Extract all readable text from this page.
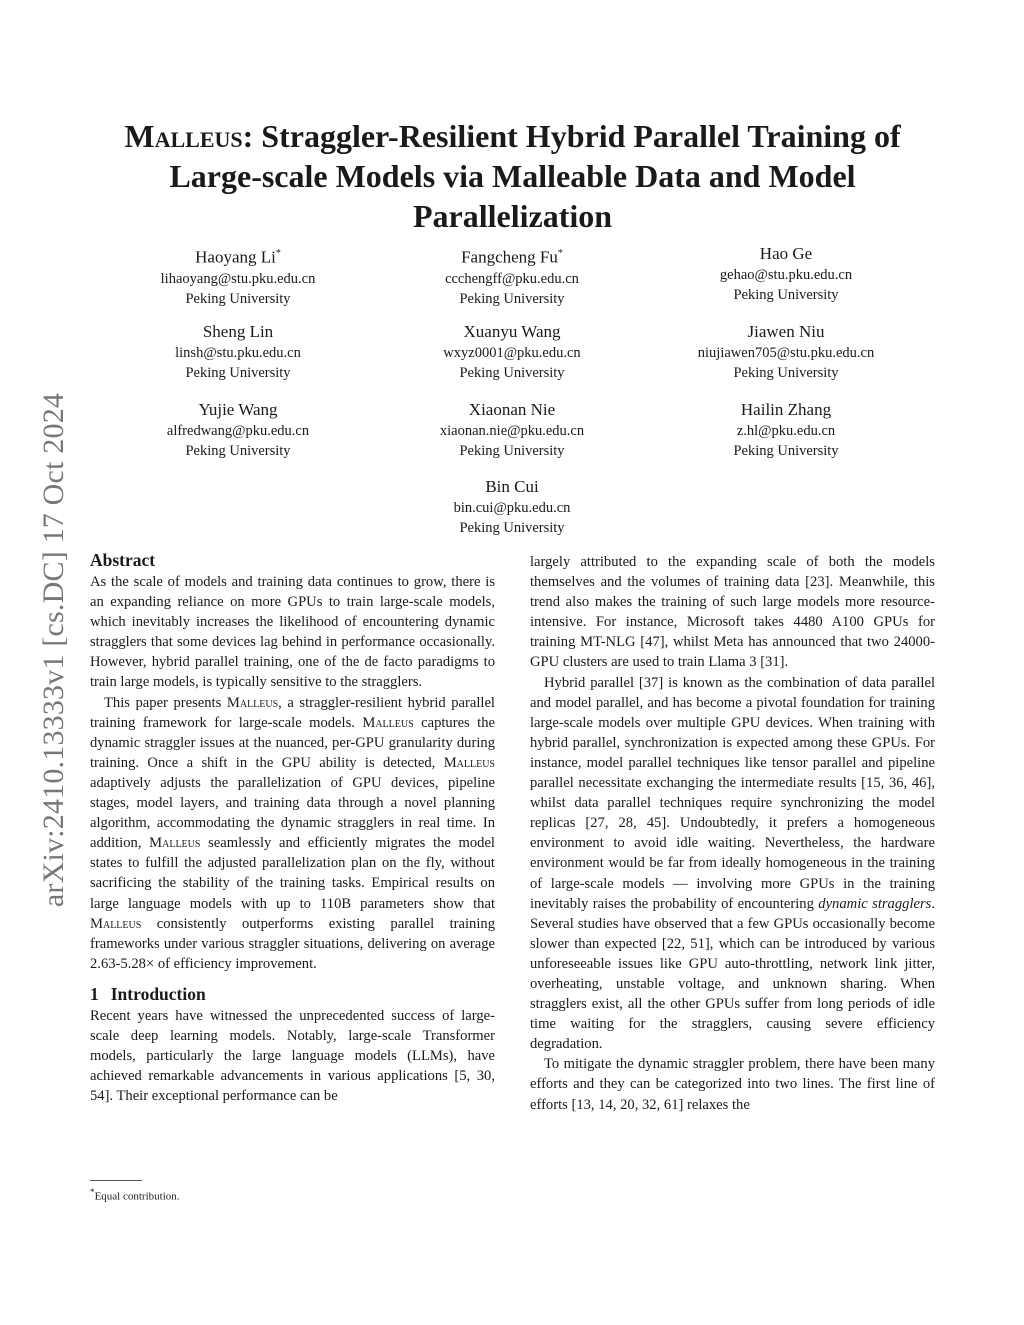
arXiv:2410.13333v1 [cs.DC] 17 Oct 2024
Malleus: Straggler-Resilient Hybrid Parallel Training of Large-scale Models via Malleable Data and Model Parallelization
Haoyang Li*
lihaoyang@stu.pku.edu.cn
Peking University
Fangcheng Fu*
ccchengff@pku.edu.cn
Peking University
Hao Ge
gehao@stu.pku.edu.cn
Peking University
Sheng Lin
linsh@stu.pku.edu.cn
Peking University
Xuanyu Wang
wxyz0001@pku.edu.cn
Peking University
Jiawen Niu
niujiawen705@stu.pku.edu.cn
Peking University
Yujie Wang
alfredwang@pku.edu.cn
Peking University
Xiaonan Nie
xiaonan.nie@pku.edu.cn
Peking University
Hailin Zhang
z.hl@pku.edu.cn
Peking University
Bin Cui
bin.cui@pku.edu.cn
Peking University
Abstract

As the scale of models and training data continues to grow, there is an expanding reliance on more GPUs to train large-scale models, which inevitably increases the likelihood of encountering dynamic stragglers that some devices lag behind in performance occasionally. However, hybrid parallel training, one of the de facto paradigms to train large models, is typically sensitive to the stragglers.

This paper presents Malleus, a straggler-resilient hybrid parallel training framework for large-scale models. Malleus captures the dynamic straggler issues at the nuanced, per-GPU granularity during training. Once a shift in the GPU ability is detected, Malleus adaptively adjusts the parallelization of GPU devices, pipeline stages, model layers, and training data through a novel planning algorithm, accommodating the dynamic stragglers in real time. In addition, Malleus seamlessly and efficiently migrates the model states to fulfill the adjusted parallelization plan on the fly, without sacrificing the stability of the training tasks. Empirical results on large language models with up to 110B parameters show that Malleus consistently outperforms existing parallel training frameworks under various straggler situations, delivering on average 2.63-5.28× of efficiency improvement.

1 Introduction

Recent years have witnessed the unprecedented success of large-scale deep learning models. Notably, large-scale Transformer models, particularly the large language models (LLMs), have achieved remarkable advancements in various applications [5, 30, 54]. Their exceptional performance can be

largely attributed to the expanding scale of both the models themselves and the volumes of training data [23]. Meanwhile, this trend also makes the training of such large models more resource-intensive. For instance, Microsoft takes 4480 A100 GPUs for training MT-NLG [47], whilst Meta has announced that two 24000-GPU clusters are used to train Llama 3 [31].

Hybrid parallel [37] is known as the combination of data parallel and model parallel, and has become a pivotal foundation for training large-scale models over multiple GPU devices. When training with hybrid parallel, synchronization is expected among these GPUs. For instance, model parallel techniques like tensor parallel and pipeline parallel necessitate exchanging the intermediate results [15, 36, 46], whilst data parallel techniques require synchronizing the model replicas [27, 28, 45]. Undoubtedly, it prefers a homogeneous environment to avoid idle waiting. Nevertheless, the hardware environment would be far from ideally homogeneous in the training of large-scale models — involving more GPUs in the training inevitably raises the probability of encountering dynamic stragglers. Several studies have observed that a few GPUs occasionally become slower than expected [22, 51], which can be introduced by various unforeseeable issues like GPU auto-throttling, network link jitter, overheating, unstable voltage, and unknown sharing. When stragglers exist, all the other GPUs suffer from long periods of idle time waiting for the stragglers, causing severe efficiency degradation.

To mitigate the dynamic straggler problem, there have been many efforts and they can be categorized into two lines. The first line of efforts [13, 14, 20, 32, 61] relaxes the

*Equal contribution.
